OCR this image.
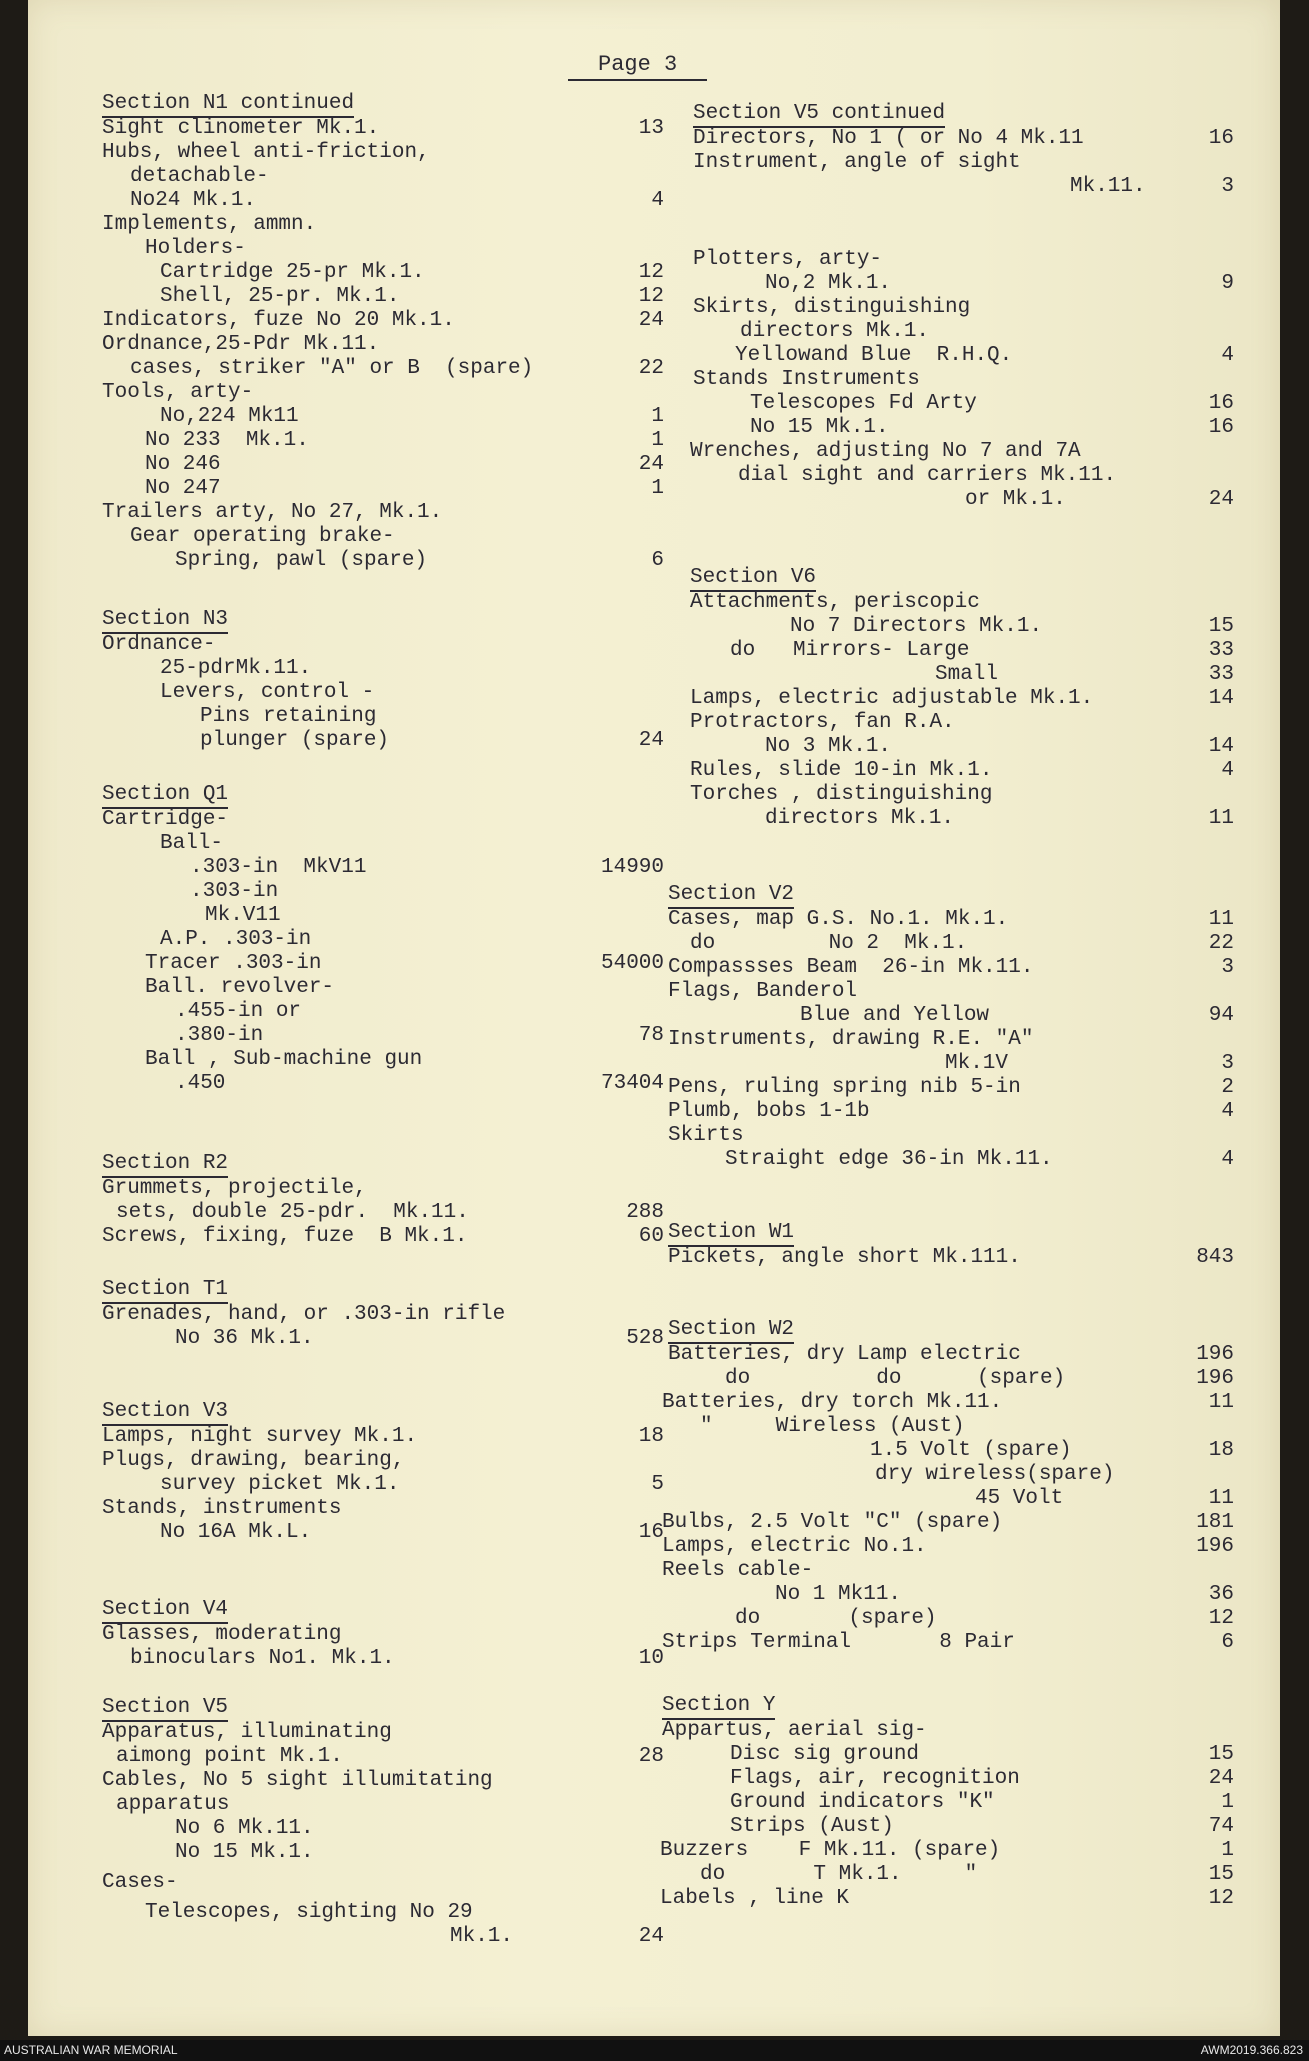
Page 3
Section N1 continued
Sight clinometer Mk.1.	13
Hubs, wheel anti-friction,
detachable-
No24 Mk.1.	4
Implements, ammn.
Holders-
Cartridge 25-pr Mk.1.	12
Shell, 25-pr. Mk.1.	12
Indicators, fuze No 20 Mk.1.	24
Ordnance,25-Pdr Mk.11.
cases, striker "A" or B  (spare)	22
Tools, arty-
No,224 Mk11	1
No 233  Mk.1.	1
No 246	24
No 247	1
Trailers arty, No 27, Mk.1.
Gear operating brake-
Spring, pawl (spare)	6
Section N3
Ordnance-
25-pdrMk.11.
Levers, control -
Pins retaining
plunger (spare)	24
Section Q1
Cartridge-
Ball-
.303-in  MkV11	14990
.303-in
Mk.V11
A.P. .303-in
Tracer .303-in	54000
Ball. revolver-
.455-in or
.380-in	78
Ball , Sub-machine gun
.450	73404
Section R2
Grummets, projectile,
sets, double 25-pdr.  Mk.11.	288
Screws, fixing, fuze  B Mk.1.	60
Section T1
Grenades, hand, or .303-in rifle
No 36 Mk.1.	528
Section V3
Lamps, night survey Mk.1.	18
Plugs, drawing, bearing,
survey picket Mk.1.	5
Stands, instruments
No 16A Mk.L.	16
Section V4
Glasses, moderating
binoculars No1. Mk.1.	10
Section V5
Apparatus, illuminating
aimong point Mk.1.	28
Cables, No 5 sight illumitating
apparatus
No 6 Mk.11.
No 15 Mk.1.
Cases-
Telescopes, sighting No 29
Mk.1.	24
Section V5 continued
Directors, No 1 ( or No 4 Mk.11	16
Instrument, angle of sight
Mk.11.	3
Plotters, arty-
No,2 Mk.1.	9
Skirts, distinguishing
directors Mk.1.
Yellowand Blue  R.H.Q.	4
Stands Instruments
Telescopes Fd Arty	16
No 15 Mk.1.	16
Wrenches, adjusting No 7 and 7A
dial sight and carriers Mk.11.
or Mk.1.	24
Section V6
Attachments, periscopic
No 7 Directors Mk.1.	15
do   Mirrors- Large	33
Small	33
Lamps, electric adjustable Mk.1.	14
Protractors, fan R.A.
No 3 Mk.1.	14
Rules, slide 10-in Mk.1.	4
Torches , distinguishing
directors Mk.1.	11
Section V2
Cases, map G.S. No.1. Mk.1.	11
do         No 2  Mk.1.	22
Compassses Beam  26-in Mk.11.	3
Flags, Banderol
Blue and Yellow	94
Instruments, drawing R.E. "A"
Mk.1V	3
Pens, ruling spring nib 5-in	2
Plumb, bobs 1-1b	4
Skirts
Straight edge 36-in Mk.11.	4
Section W1
Pickets, angle short Mk.111.	843
Section W2
Batteries, dry Lamp electric	196
do          do      (spare)	196
Batteries, dry torch Mk.11.	11
"     Wireless (Aust)
1.5 Volt (spare)	18
dry wireless(spare)
45 Volt	11
Bulbs, 2.5 Volt "C" (spare)	181
Lamps, electric No.1.	196
Reels cable-
No 1 Mk11.	36
do       (spare)	12
Strips Terminal       8 Pair	6
Section Y
Appartus, aerial sig-
Disc sig ground	15
Flags, air, recognition	24
Ground indicators "K"	1
Strips (Aust)	74
Buzzers    F Mk.11. (spare)	1
do       T Mk.1.     "	15
Labels , line K	12
AUSTRALIAN WAR MEMORIAL	AWM2019.366.823
